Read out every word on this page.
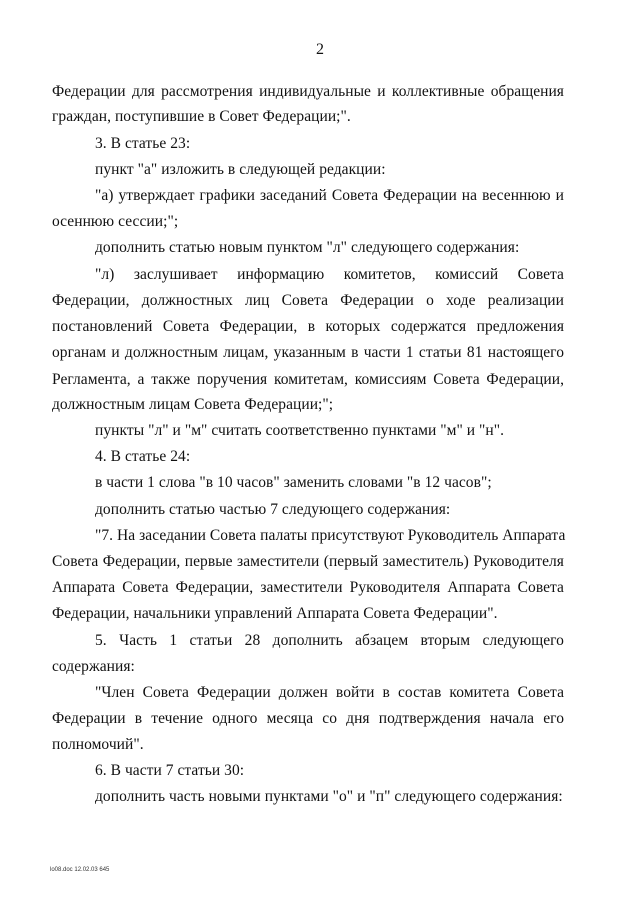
2
Федерации для рассмотрения индивидуальные и коллективные обращения
граждан, поступившие в Совет Федерации;".
3. В статье 23:
пункт "а" изложить в следующей редакции:
"а) утверждает графики заседаний Совета Федерации на весеннюю и
осеннюю сессии;";
дополнить статью новым пунктом "л" следующего содержания:
"л) заслушивает информацию комитетов, комиссий Совета
Федерации, должностных лиц Совета Федерации о ходе реализации
постановлений Совета Федерации, в которых содержатся предложения
органам и должностным лицам, указанным в части 1 статьи 81 настоящего
Регламента, а также поручения комитетам, комиссиям Совета Федерации,
должностным лицам Совета Федерации;";
пункты "л" и "м" считать соответственно пунктами "м" и "н".
4. В статье 24:
в части 1 слова "в 10 часов" заменить словами "в 12 часов";
дополнить статью частью 7 следующего содержания:
"7. На заседании Совета палаты присутствуют Руководитель Аппарата
Совета Федерации, первые заместители (первый заместитель) Руководителя
Аппарата Совета Федерации, заместители Руководителя Аппарата Совета
Федерации, начальники управлений Аппарата Совета Федерации".
5. Часть 1 статьи 28 дополнить абзацем вторым следующего
содержания:
"Член Совета Федерации должен войти в состав комитета Совета
Федерации в течение одного месяца со дня подтверждения начала его
полномочий".
6. В части 7 статьи 30:
дополнить часть новыми пунктами "о" и "п" следующего содержания:
lo08.doc 12.02.03 645
